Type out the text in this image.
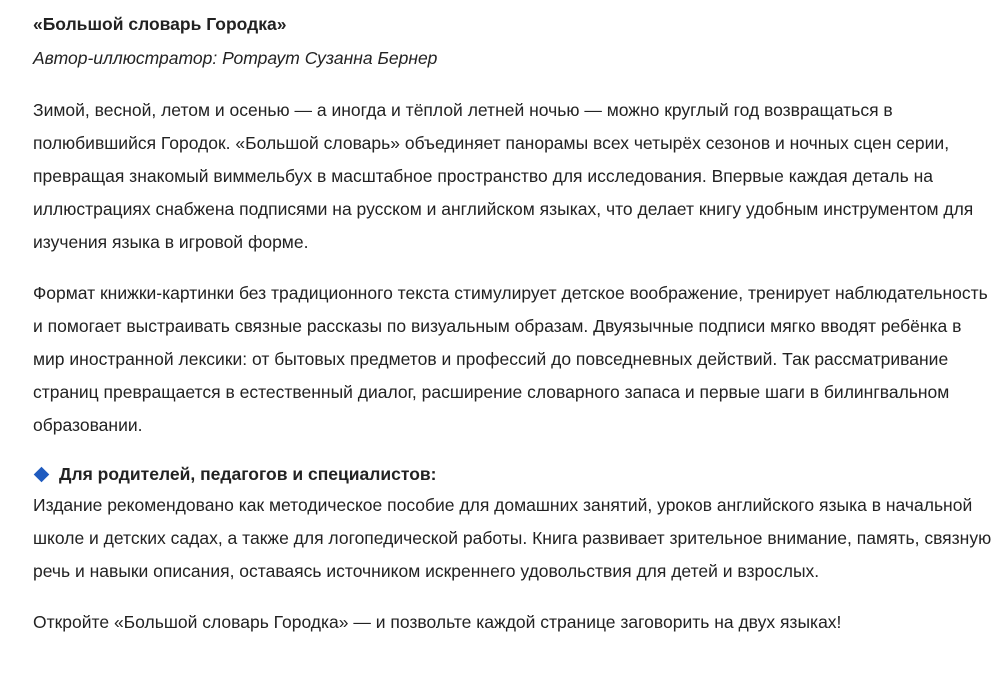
«Большой словарь Городка»

Автор-иллюстратор: Ротраут Сузанна Бернер

Зимой, весной, летом и осенью — а иногда и тёплой летней ночью — можно круглый год возвращаться в полюбившийся Городок. «Большой словарь» объединяет панорамы всех четырёх сезонов и ночных сцен серии, превращая знакомый виммельбух в масштабное пространство для исследования. Впервые каждая деталь на иллюстрациях снабжена подписями на русском и английском языках, что делает книгу удобным инструментом для изучения языка в игровой форме.

Формат книжки-картинки без традиционного текста стимулирует детское воображение, тренирует наблюдательность и помогает выстраивать связные рассказы по визуальным образам. Двуязычные подписи мягко вводят ребёнка в мир иностранной лексики: от бытовых предметов и профессий до повседневных действий. Так рассматривание страниц превращается в естественный диалог, расширение словарного запаса и первые шаги в билингвальном образовании.

Для родителей, педагогов и специалистов:

Издание рекомендовано как методическое пособие для домашних занятий, уроков английского языка в начальной школе и детских садах, а также для логопедической работы. Книга развивает зрительное внимание, память, связную речь и навыки описания, оставаясь источником искреннего удовольствия для детей и взрослых.

Откройте «Большой словарь Городка» — и позвольте каждой странице заговорить на двух языках!
